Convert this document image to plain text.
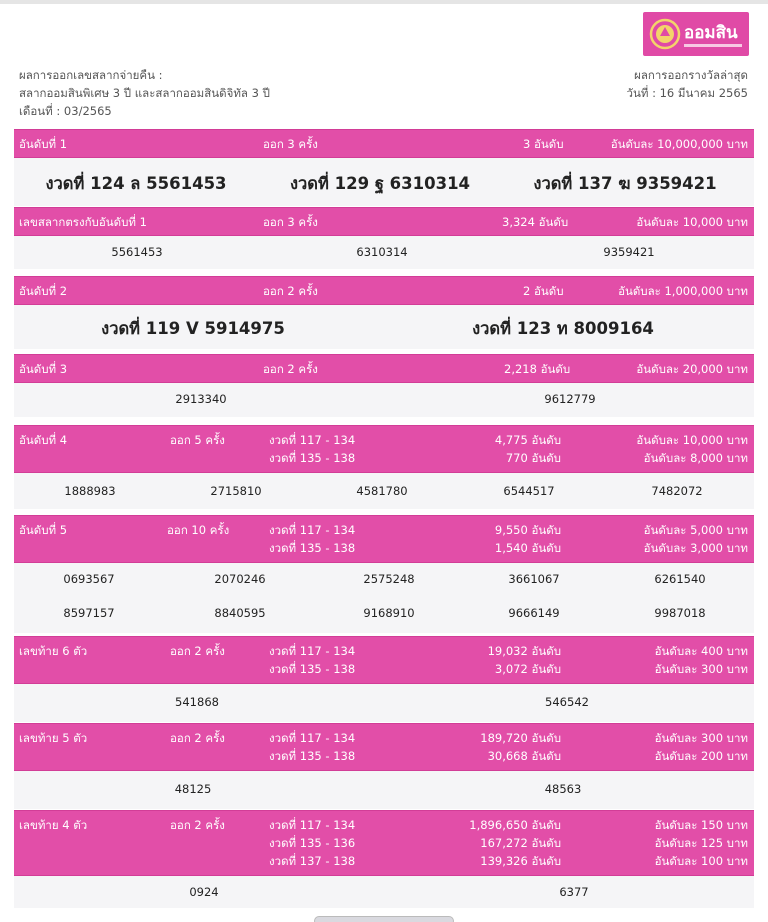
ออมสิน
ผลการออกเลขสลากจ่ายคืน :
สลากออมสินพิเศษ 3 ปี และสลากออมสินดิจิทัล 3 ปี
เดือนที่ : 03/2565
ผลการออกรางวัลล่าสุด
วันที่ : 16 มีนาคม 2565
อันดับที่ 1	ออก 3 ครั้ง	3 อันดับ	อันดับละ 10,000,000 บาท
งวดที่ 124 ล 5561453	งวดที่ 129 ฐ 6310314	งวดที่ 137 ฆ 9359421
เลขสลากตรงกับอันดับที่ 1	ออก 3 ครั้ง	3,324 อันดับ	อันดับละ 10,000 บาท
5561453	6310314	9359421
อันดับที่ 2	ออก 2 ครั้ง	2 อันดับ	อันดับละ 1,000,000 บาท
งวดที่ 119 V 5914975	งวดที่ 123 ท 8009164
อันดับที่ 3	ออก 2 ครั้ง	2,218 อันดับ	อันดับละ 20,000 บาท
2913340	9612779
อันดับที่ 4	ออก 5 ครั้ง	งวดที่ 117 - 134	4,775 อันดับ	อันดับละ 10,000 บาท
งวดที่ 135 - 138	770 อันดับ	อันดับละ 8,000 บาท
1888983	2715810	4581780	6544517	7482072
อันดับที่ 5	ออก 10 ครั้ง	งวดที่ 117 - 134	9,550 อันดับ	อันดับละ 5,000 บาท
งวดที่ 135 - 138	1,540 อันดับ	อันดับละ 3,000 บาท
0693567	2070246	2575248	3661067	6261540
8597157	8840595	9168910	9666149	9987018
เลขท้าย 6 ตัว	ออก 2 ครั้ง	งวดที่ 117 - 134	19,032 อันดับ	อันดับละ 400 บาท
งวดที่ 135 - 138	3,072 อันดับ	อันดับละ 300 บาท
541868	546542
เลขท้าย 5 ตัว	ออก 2 ครั้ง	งวดที่ 117 - 134	189,720 อันดับ	อันดับละ 300 บาท
งวดที่ 135 - 138	30,668 อันดับ	อันดับละ 200 บาท
48125	48563
เลขท้าย 4 ตัว	ออก 2 ครั้ง	งวดที่ 117 - 134	1,896,650 อันดับ	อันดับละ 150 บาท
งวดที่ 135 - 136	167,272 อันดับ	อันดับละ 125 บาท
งวดที่ 137 - 138	139,326 อันดับ	อันดับละ 100 บาท
0924	6377
